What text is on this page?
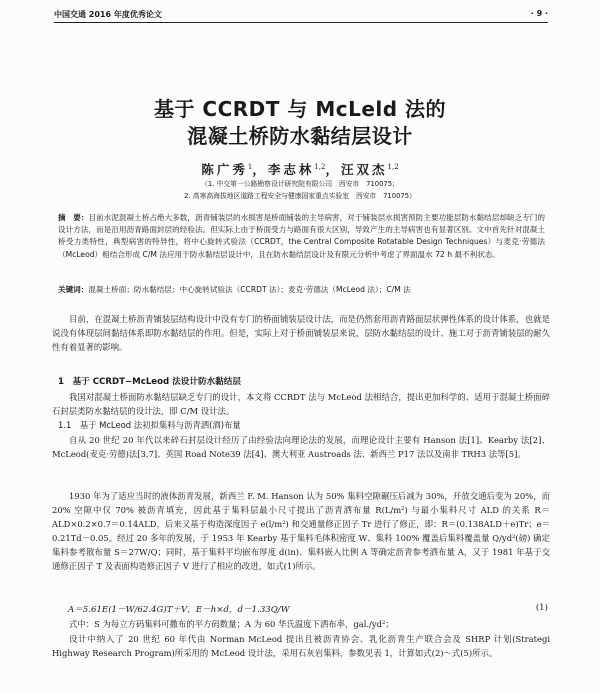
中国交通 2016 年度优秀论文	· 9 ·
基于 CCRDT 与 McLeld 法的
混凝土桥防水黏结层设计
陈广秀$^1$，李志林$^{1,2}$，汪双杰$^{1,2}$
（1. 中交第一公路勘察设计研究院有限公司　西安市　710075；
2. 高寒高海拔地区道路工程安全与健康国家重点实验室　西安市　710075）
摘　要：目前水泥混凝土桥占绝大多数，沥青铺装层的水损害是桥面铺装的主导病害，对于铺装层水损害预防主要功能层防水黏结层却缺乏专门的设计方法，而是沿用沥青路面封层的经验法。但实际上由于桥面受力与路面有很大区别，导致产生的主导病害也有显著区别。文中首先针对混凝土桥受力类特性，典型病害的特异性，将中心旋转式验法（CCRDT，the Central Composite Rotatable Design Techniques）与麦克·劳德法（McLeod）相结合形成 C/M 法应用于防水黏结层设计中，且在防水黏结层设计及有限元分析中考虑了界面温水 72 h 最不利状态。
关键词：混凝土桥面；防水黏结层；中心旋转试验法（CCRDT 法）；麦克·劳德法（McLeod 法）；C/M 法
目前，在混凝土桥沥青铺装层结构设计中没有专门的桥面铺装层设计法，而是仍然套用沥青路面层状弹性体系的设计体系，也就是说没有体现层间黏结体系即防水黏结层的作用。但是，实际上对于桥面铺装层来说，层防水黏结层的设计、施工对于沥青铺装层的耐久性有着显著的影响。
1　基于 CCRDT−McLeod 法设计防水黏结层
我国对混凝土桥面防水黏结层缺乏专门的设计，本文将 CCRDT 法与 McLeod 法相结合，提出更加科学的、适用于混凝土桥面碎石封层类防水黏结层的设计法，即 C/M 设计法。
1.1　基于 McLeod 法初拟集料与沥青洒(酒)布量
自从 20 世纪 20 年代以来碎石封层设计经历了由经验法向理论法的发展，而理论设计主要有 Hanson 法[1]、Kearby 法[2]、McLeod(麦克·劳德)法[3,7]、英国 Road Note39 法[4]、澳大利亚 Austroads 法、新西兰 P17 法以及南非 TRH3 法等[5]。
1930 年为了适应当时的液体沥青发展，新西兰 F. M. Hanson 认为 50% 集料空隙碾压后减为 30%，开放交通后变为 20%，而 20% 空隙中仅 70% 被沥青填充，因此基于集料层最小尺寸提出了沥青洒布量 R(L/m²) 与最小集料尺寸 ALD 的关系 R＝ALD×0.2×0.7＝0.14ALD，后来又基于构造深度因子 e(l/m²) 和交通量修正因子 Tr 进行了修正，即：R＝(0.138ALD＋e)Tr；e＝0.21Td－0.05。经过 20 多年的发展，于 1953 年 Kearby 基于集料毛体积密度 W、集料 100% 覆盖后集料覆盖量 Q/yd²(磅) 确定集料参考散布量 S＝27W/Q；同时，基于集料平均嵌布厚度 d(in)、集料嵌入比例 A 等确定沥青参考洒布量 A，又于 1981 年基于交通修正因子 T 及表面构造修正因子 V 进行了相应的改进，如式(1)所示。
A＝5.61E(1－W/62.4G)T＋V，E－h×d，d－1.33Q/W	(1)
式中：S 为每立方码集料可撒布的平方码数量；A 为 60 华氏温度下洒布率，gal./yd²；
设计中纳入了 20 世纪 60 年代由 Norman McLeod 提出且被沥青协会、乳化沥青生产联合会及 SHRP 计划(Strategi Highway Research Program)所采用的 McLeod 设计法，采用石灰岩集料，参数见表 1，计算如式(2)～式(5)所示。
